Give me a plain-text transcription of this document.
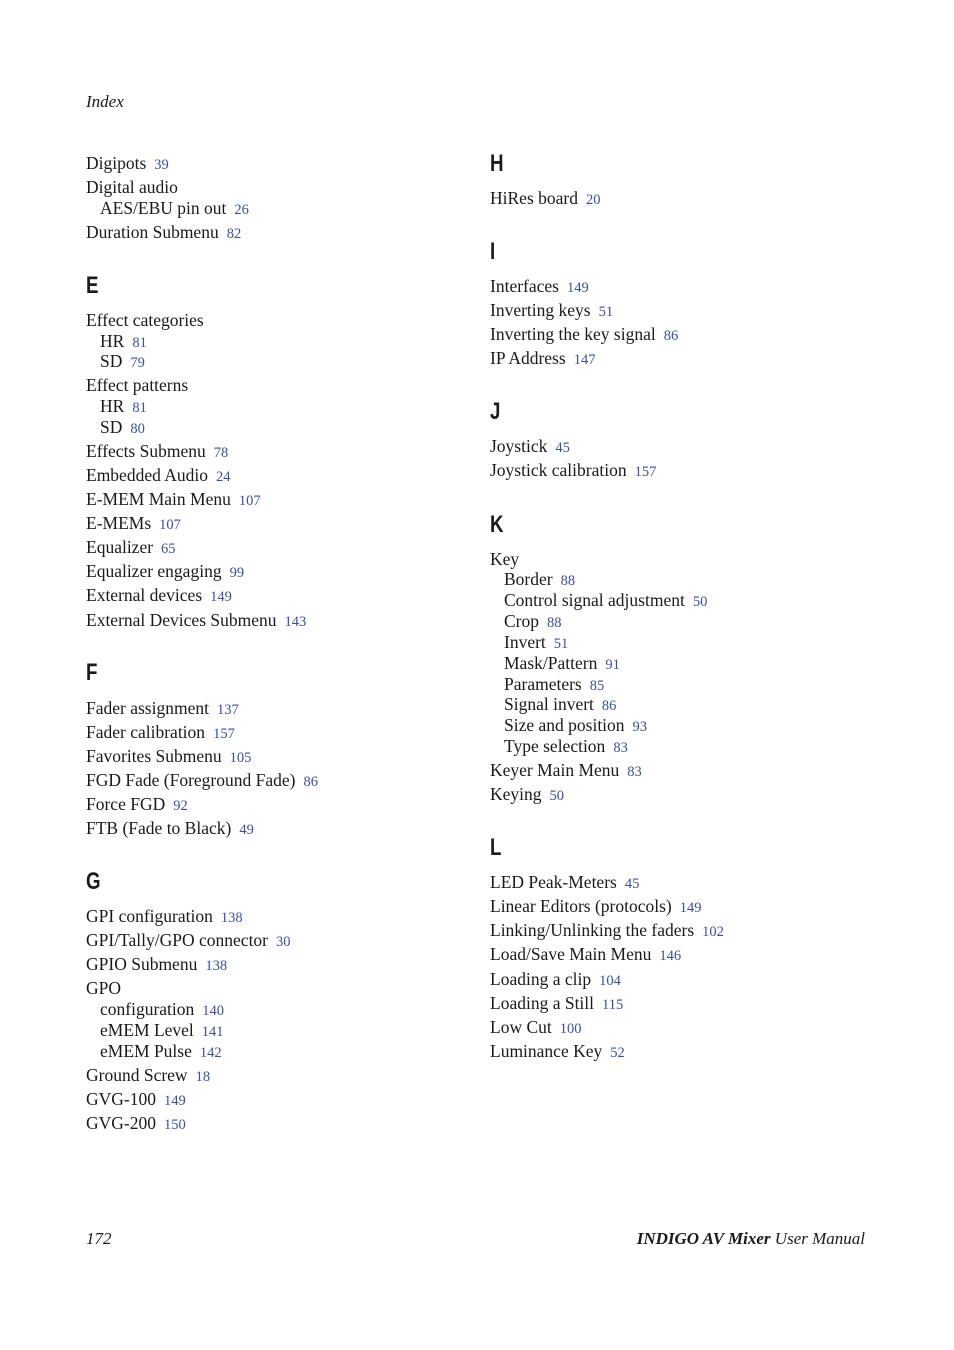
Index
Digipots 39
Digital audio
AES/EBU pin out 26
Duration Submenu 82
E
Effect categories
HR 81
SD 79
Effect patterns
HR 81
SD 80
Effects Submenu 78
Embedded Audio 24
E-MEM Main Menu 107
E-MEMs 107
Equalizer 65
Equalizer engaging 99
External devices 149
External Devices Submenu 143
F
Fader assignment 137
Fader calibration 157
Favorites Submenu 105
FGD Fade (Foreground Fade) 86
Force FGD 92
FTB (Fade to Black) 49
G
GPI configuration 138
GPI/Tally/GPO connector 30
GPIO Submenu 138
GPO
configuration 140
eMEM Level 141
eMEM Pulse 142
Ground Screw 18
GVG-100 149
GVG-200 150
H
HiRes board 20
I
Interfaces 149
Inverting keys 51
Inverting the key signal 86
IP Address 147
J
Joystick 45
Joystick calibration 157
K
Key
Border 88
Control signal adjustment 50
Crop 88
Invert 51
Mask/Pattern 91
Parameters 85
Signal invert 86
Size and position 93
Type selection 83
Keyer Main Menu 83
Keying 50
L
LED Peak-Meters 45
Linear Editors (protocols) 149
Linking/Unlinking the faders 102
Load/Save Main Menu 146
Loading a clip 104
Loading a Still 115
Low Cut 100
Luminance Key 52
172	INDIGO AV Mixer User Manual
